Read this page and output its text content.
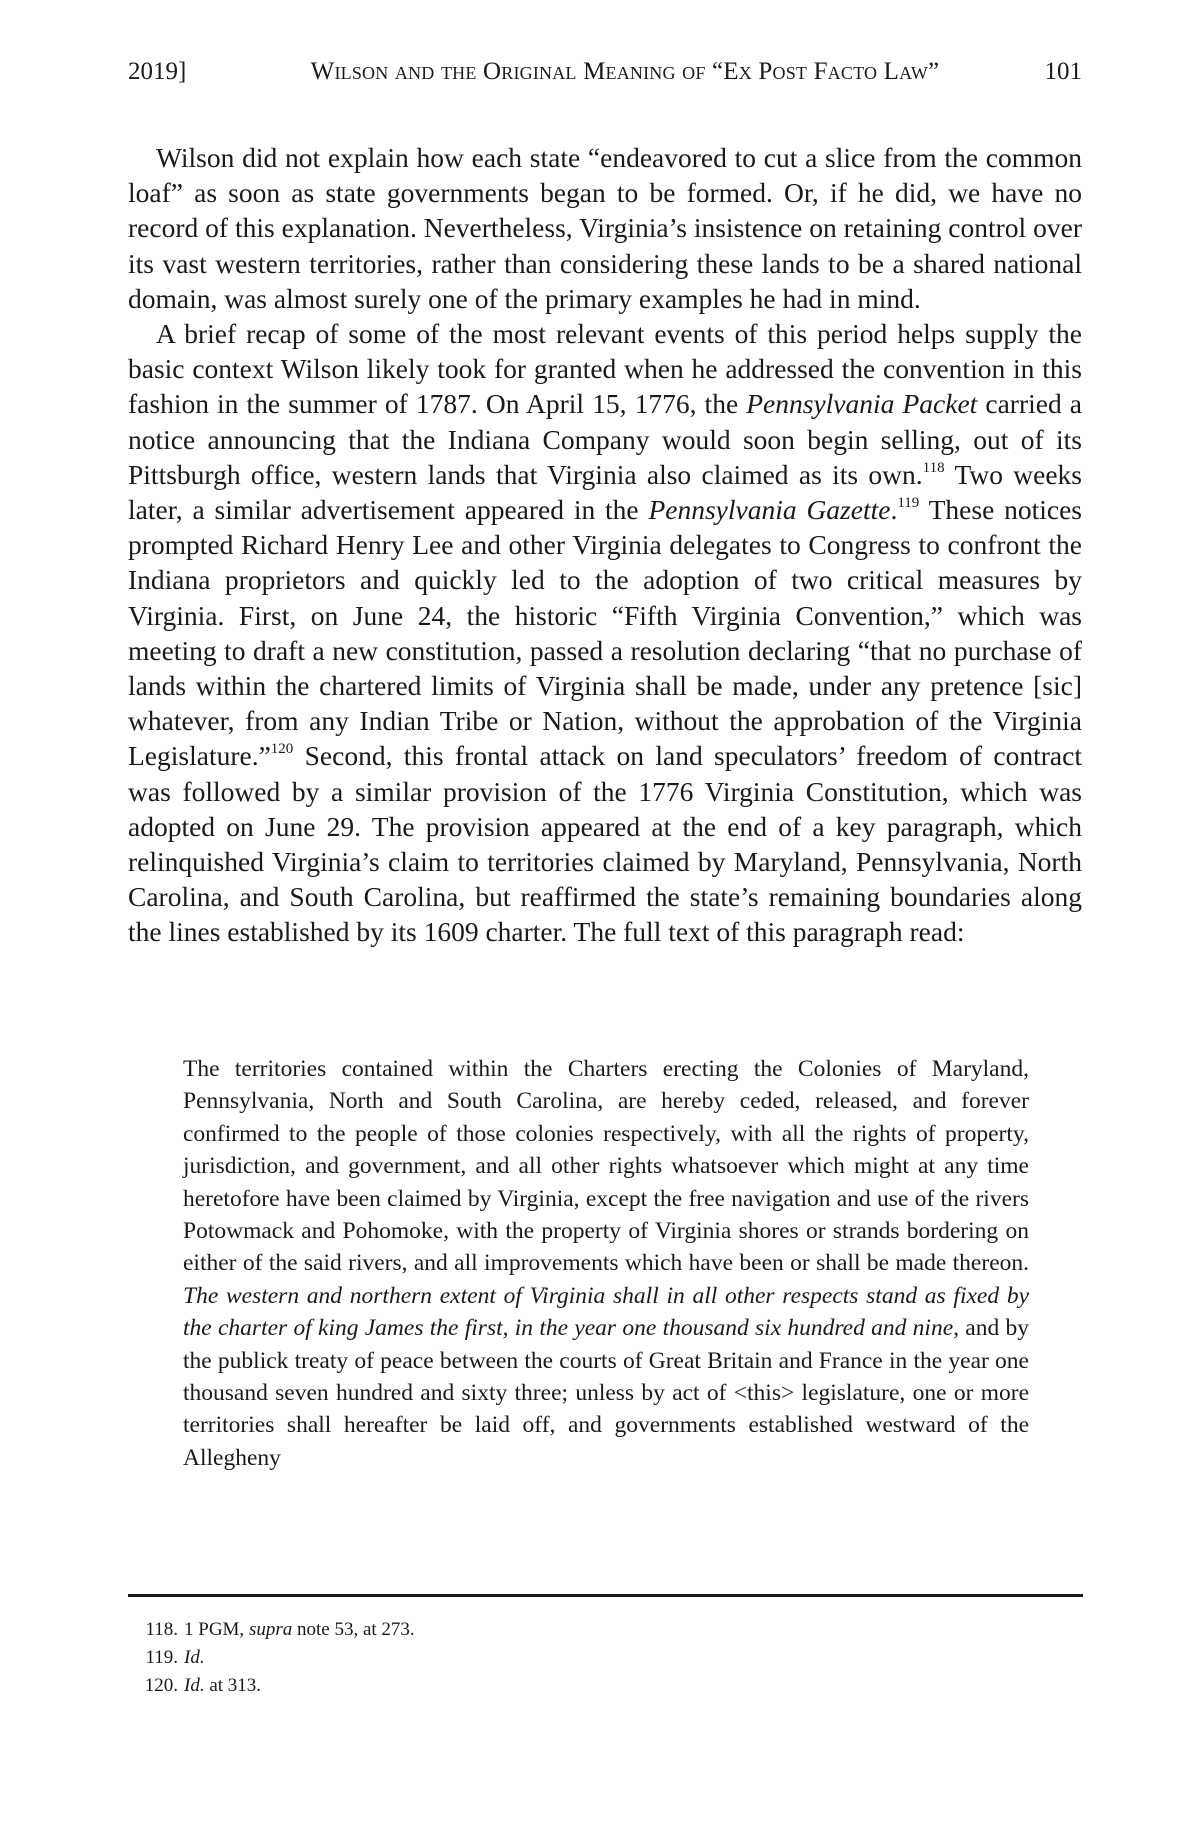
2019]	Wilson and the Original Meaning of “Ex Post Facto Law”	101

Wilson did not explain how each state “endeavored to cut a slice from the common loaf” as soon as state governments began to be formed. Or, if he did, we have no record of this explanation. Nevertheless, Virginia’s insistence on retaining control over its vast western territories, rather than considering these lands to be a shared national domain, was almost surely one of the primary examples he had in mind.

A brief recap of some of the most relevant events of this period helps supply the basic context Wilson likely took for granted when he addressed the convention in this fashion in the summer of 1787. On April 15, 1776, the Pennsylvania Packet carried a notice announcing that the Indiana Company would soon begin selling, out of its Pittsburgh office, western lands that Virginia also claimed as its own.$^{118}$ Two weeks later, a similar advertisement appeared in the Pennsylvania Gazette.$^{119}$ These notices prompted Richard Henry Lee and other Virginia delegates to Congress to confront the Indiana proprietors and quickly led to the adoption of two critical measures by Virginia. First, on June 24, the historic “Fifth Virginia Convention,” which was meeting to draft a new constitution, passed a resolution declaring “that no purchase of lands within the chartered limits of Virginia shall be made, under any pretence [sic] whatever, from any Indian Tribe or Nation, without the approbation of the Virginia Legislature.”$^{120}$ Second, this frontal attack on land speculators’ freedom of contract was followed by a similar provision of the 1776 Virginia Constitution, which was adopted on June 29. The provision appeared at the end of a key paragraph, which relinquished Virginia’s claim to territories claimed by Maryland, Pennsylvania, North Carolina, and South Carolina, but reaffirmed the state’s remaining boundaries along the lines established by its 1609 charter. The full text of this paragraph read:

The territories contained within the Charters erecting the Colonies of Maryland, Pennsylvania, North and South Carolina, are hereby ceded, released, and forever confirmed to the people of those colonies respectively, with all the rights of property, jurisdiction, and government, and all other rights whatsoever which might at any time heretofore have been claimed by Virginia, except the free navigation and use of the rivers Potowmack and Pohomoke, with the property of Virginia shores or strands bordering on either of the said rivers, and all improvements which have been or shall be made thereon. The western and northern extent of Virginia shall in all other respects stand as fixed by the charter of king James the first, in the year one thousand six hundred and nine, and by the publick treaty of peace between the courts of Great Britain and France in the year one thousand seven hundred and sixty three; unless by act of <this> legislature, one or more territories shall hereafter be laid off, and governments established westward of the Allegheny
118. 1 PGM, supra note 53, at 273.
119. Id.
120. Id. at 313.
